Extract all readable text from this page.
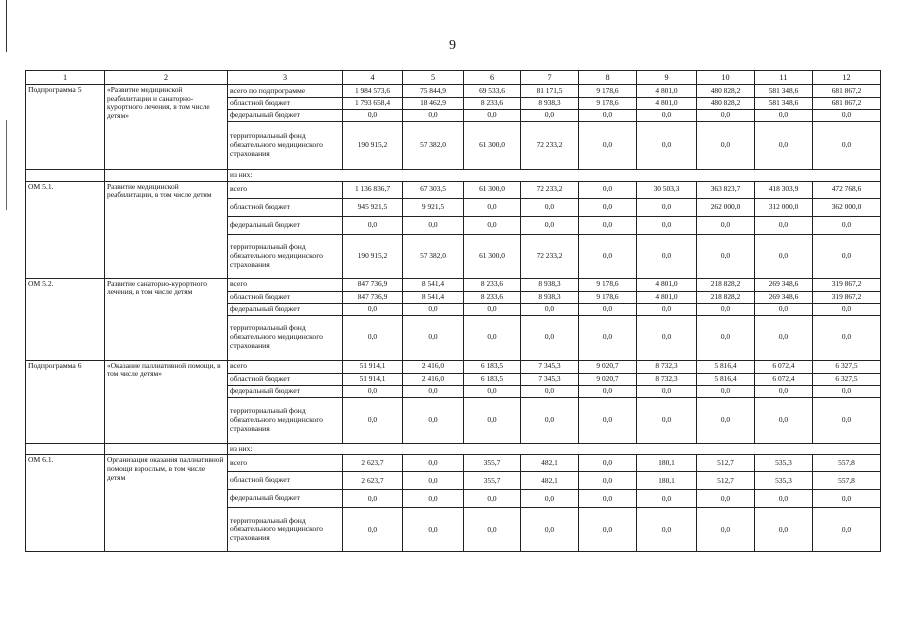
9
1	2	3	4	5	6	7	8	9	10	11	12
Подпрограмма 5	«Развитие медицинской реабилитации и санаторно-курортного лечения, в том числе детям»	всего по подпрограмме	1 984 573,6	75 844,9	69 533,6	81 171,5	9 178,6	4 801,0	480 828,2	581 348,6	681 867,2
		областной бюджет	1 793 658,4	18 462,9	8 233,6	8 938,3	9 178,6	4 801,0	480 828,2	581 348,6	681 867,2
		федеральный бюджет	0,0	0,0	0,0	0,0	0,0	0,0	0,0	0,0	0,0
		территориальный фонд обязательного медицинского страхования	190 915,2	57 382,0	61 300,0	72 233,2	0,0	0,0	0,0	0,0	0,0
		из них:									
ОМ 5.1.	Развитие медицинской реабилитации, в том числе детям	всего	1 136 836,7	67 303,5	61 300,0	72 233,2	0,0	30 503,3	363 823,7	418 303,9	472 768,6
		областной бюджет	945 921,5	9 921,5	0,0	0,0	0,0	0,0	262 000,0	312 000,0	362 000,0
		федеральный бюджет	0,0	0,0	0,0	0,0	0,0	0,0	0,0	0,0	0,0
		территориальный фонд обязательного медицинского страхования	190 915,2	57 382,0	61 300,0	72 233,2	0,0	0,0	0,0	0,0	0,0
ОМ 5.2.	Развитие санаторно-курортного лечения, в том числе детям	всего	847 736,9	8 541,4	8 233,6	8 938,3	9 178,6	4 801,0	218 828,2	269 348,6	319 867,2
		областной бюджет	847 736,9	8 541,4	8 233,6	8 938,3	9 178,6	4 801,0	218 828,2	269 348,6	319 867,2
		федеральный бюджет	0,0	0,0	0,0	0,0	0,0	0,0	0,0	0,0	0,0
		территориальный фонд обязательного медицинского страхования	0,0	0,0	0,0	0,0	0,0	0,0	0,0	0,0	0,0
Подпрограмма 6	«Оказание паллиативной помощи, в том числе детям»	всего	51 914,1	2 416,0	6 183,5	7 345,3	9 020,7	8 732,3	5 816,4	6 072,4	6 327,5
		областной бюджет	51 914,1	2 416,0	6 183,5	7 345,3	9 020,7	8 732,3	5 816,4	6 072,4	6 327,5
		федеральный бюджет	0,0	0,0	0,0	0,0	0,0	0,0	0,0	0,0	0,0
		территориальный фонд обязательного медицинского страхования	0,0	0,0	0,0	0,0	0,0	0,0	0,0	0,0	0,0
		из них:									
ОМ 6.1.	Организация оказания паллиативной помощи взрослым, в том числе детям	всего	2 623,7	0,0	355,7	482,1	0,0	180,1	512,7	535,3	557,8
		областной бюджет	2 623,7	0,0	355,7	482,1	0,0	180,1	512,7	535,3	557,8
		федеральный бюджет	0,0	0,0	0,0	0,0	0,0	0,0	0,0	0,0	0,0
		территориальный фонд обязательного медицинского страхования	0,0	0,0	0,0	0,0	0,0	0,0	0,0	0,0	0,0
